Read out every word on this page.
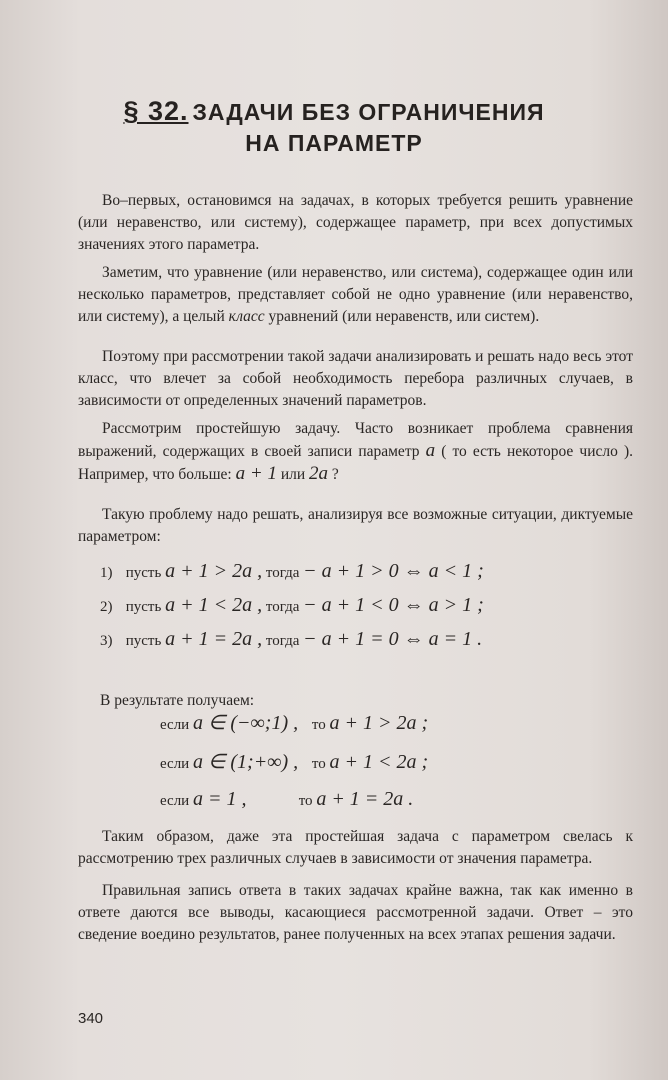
§ 32. ЗАДАЧИ БЕЗ ОГРАНИЧЕНИЯ
НА ПАРАМЕТР
Во–первых, остановимся на задачах, в которых требуется решить уравнение (или неравенство, или систему), содержащее параметр, при всех допустимых значениях этого параметра.
Заметим, что уравнение (или неравенство, или система), содержащее один или несколько параметров, представляет собой не одно уравнение (или неравенство, или систему), а целый класс уравнений (или неравенств, или систем).
Поэтому при рассмотрении такой задачи анализировать и решать надо весь этот класс, что влечет за собой необходимость перебора различных случаев, в зависимости от определенных значений параметров.
Рассмотрим простейшую задачу. Часто возникает проблема сравнения выражений, содержащих в своей записи параметр a ( то есть некоторое число ). Например, что больше: a + 1 или 2a ?
Такую проблему надо решать, анализируя все возможные ситуации, диктуемые параметром:
1) пусть a + 1 > 2a , тогда − a + 1 > 0 ⇔ a < 1 ;
2) пусть a + 1 < 2a , тогда − a + 1 < 0 ⇔ a > 1 ;
3) пусть a + 1 = 2a , тогда − a + 1 = 0 ⇔ a = 1 .
В результате получаем:
если a ∈ (−∞;1) , то a + 1 > 2a ;
если a ∈ (1;+∞) , то a + 1 < 2a ;
если a = 1 ,	то a + 1 = 2a .
Таким образом, даже эта простейшая задача с параметром свелась к рассмотрению трех различных случаев в зависимости от значения параметра.
Правильная запись ответа в таких задачах крайне важна, так как именно в ответе даются все выводы, касающиеся рассмотренной задачи. Ответ – это сведение воедино результатов, ранее полученных на всех этапах решения задачи.
340
